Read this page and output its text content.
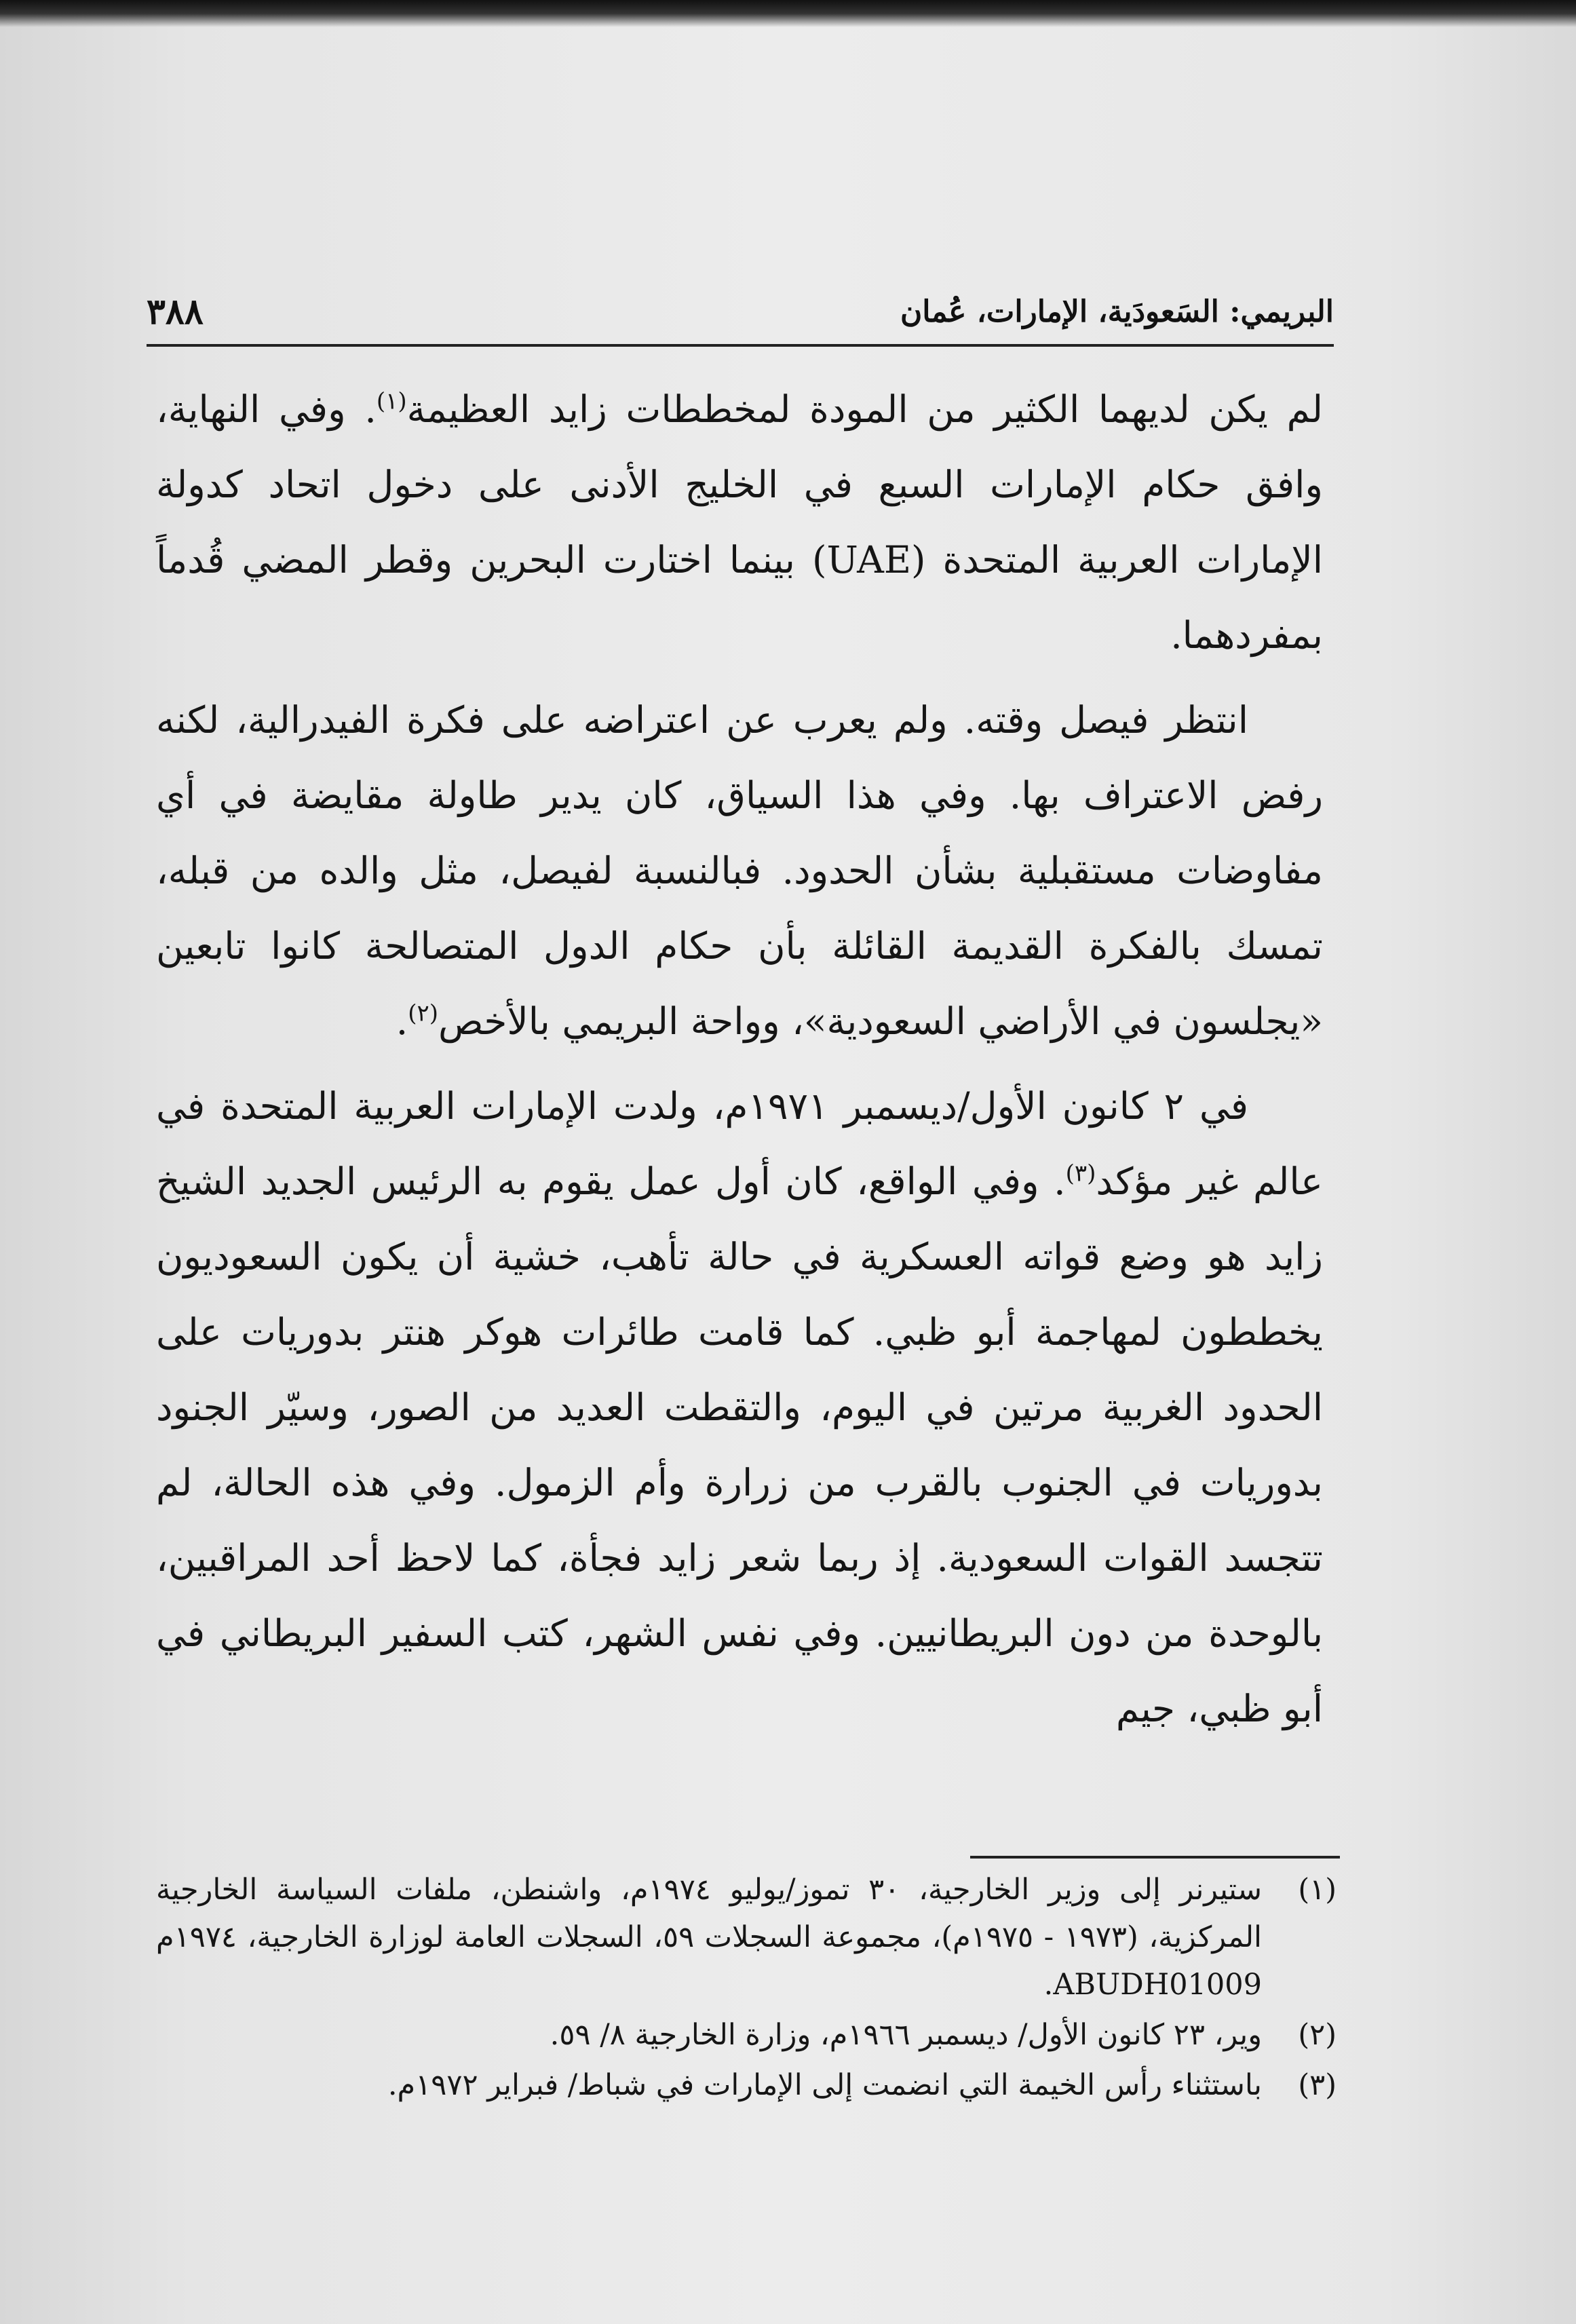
البريمي: السَعودَية، الإمارات، عُمان
٣٨٨

لم يكن لديهما الكثير من المودة لمخططات زايد العظيمة$^{(١)}$. وفي النهاية، وافق حكام الإمارات السبع في الخليج الأدنى على دخول اتحاد كدولة الإمارات العربية المتحدة (UAE) بينما اختارت البحرين وقطر المضي قُدماً بمفردهما.

انتظر فيصل وقته. ولم يعرب عن اعتراضه على فكرة الفيدرالية، لكنه رفض الاعتراف بها. وفي هذا السياق، كان يدير طاولة مقايضة في أي مفاوضات مستقبلية بشأن الحدود. فبالنسبة لفيصل، مثل والده من قبله، تمسك بالفكرة القديمة القائلة بأن حكام الدول المتصالحة كانوا تابعين «يجلسون في الأراضي السعودية»، وواحة البريمي بالأخص$^{(٢)}$.

في ٢ كانون الأول/ديسمبر ١٩٧١م، ولدت الإمارات العربية المتحدة في عالم غير مؤكد$^{(٣)}$. وفي الواقع، كان أول عمل يقوم به الرئيس الجديد الشيخ زايد هو وضع قواته العسكرية في حالة تأهب، خشية أن يكون السعوديون يخططون لمهاجمة أبو ظبي. كما قامت طائرات هوكر هنتر بدوريات على الحدود الغربية مرتين في اليوم، والتقطت العديد من الصور، وسيّر الجنود بدوريات في الجنوب بالقرب من زرارة وأم الزمول. وفي هذه الحالة، لم تتجسد القوات السعودية. إذ ربما شعر زايد فجأة، كما لاحظ أحد المراقبين، بالوحدة من دون البريطانيين. وفي نفس الشهر، كتب السفير البريطاني في أبو ظبي، جيم

(١)
ستيرنر إلى وزير الخارجية، ٣٠ تموز/يوليو ١٩٧٤م، واشنطن، ملفات السياسة الخارجية المركزية، (١٩٧٣ - ١٩٧٥م)، مجموعة السجلات ٥٩، السجلات العامة لوزارة الخارجية، ١٩٧٤م ABUDH01009.
(٢)
وير، ٢٣ كانون الأول/ ديسمبر ١٩٦٦م، وزارة الخارجية ٨/ ٥٩.
(٣)
باستثناء رأس الخيمة التي انضمت إلى الإمارات في شباط/ فبراير ١٩٧٢م.
